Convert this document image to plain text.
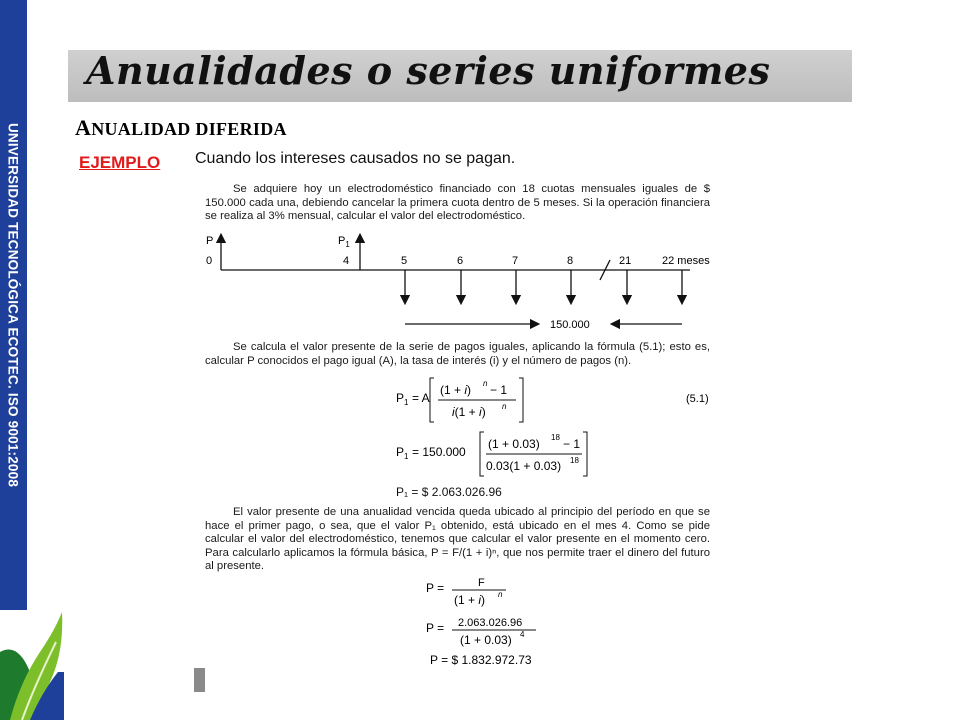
UNIVERSIDAD TECNOLÓGICA ECOTEC. ISO 9001:2008
Anualidades o series uniformes
ANUALIDAD DIFERIDA
EJEMPLO Cuando los intereses causados no se pagan.
Se adquiere hoy un electrodoméstico financiado con 18 cuotas mensuales iguales de $ 150.000 cada una, debiendo cancelar la primera cuota dentro de 5 meses. Si la operación financiera se realiza al 3% mensual, calcular el valor del electrodoméstico.
P	$P_1$
0	4	5	6	7	8	21	22 meses
150.000
Se calcula el valor presente de la serie de pagos iguales, aplicando la fórmula (5.1); esto es, calcular P conocidos el pago igual (A), la tasa de interés (i) y el número de pagos (n).
P 1 = A
(1 + i) n − 1
i(1 + i) n
(5.1)
P 1 = 150.000
(1 + 0.03) 18 − 1
0.03(1 + 0.03) 18
P₁ = $ 2.063.026.96
El valor presente de una anualidad vencida queda ubicado al principio del período en que se hace el primer pago, o sea, que el valor P₁ obtenido, está ubicado en el mes 4. Como se pide calcular el valor del electrodoméstico, tenemos que calcular el valor presente en el momento cero. Para calcularlo aplicamos la fórmula básica, P = F/(1 + i)ⁿ, que nos permite traer el dinero del futuro al presente.
P =	F
(1 + i) n
P = 2.063.026.96
(1 + 0.03) 4
P = $ 1.832.972.73
